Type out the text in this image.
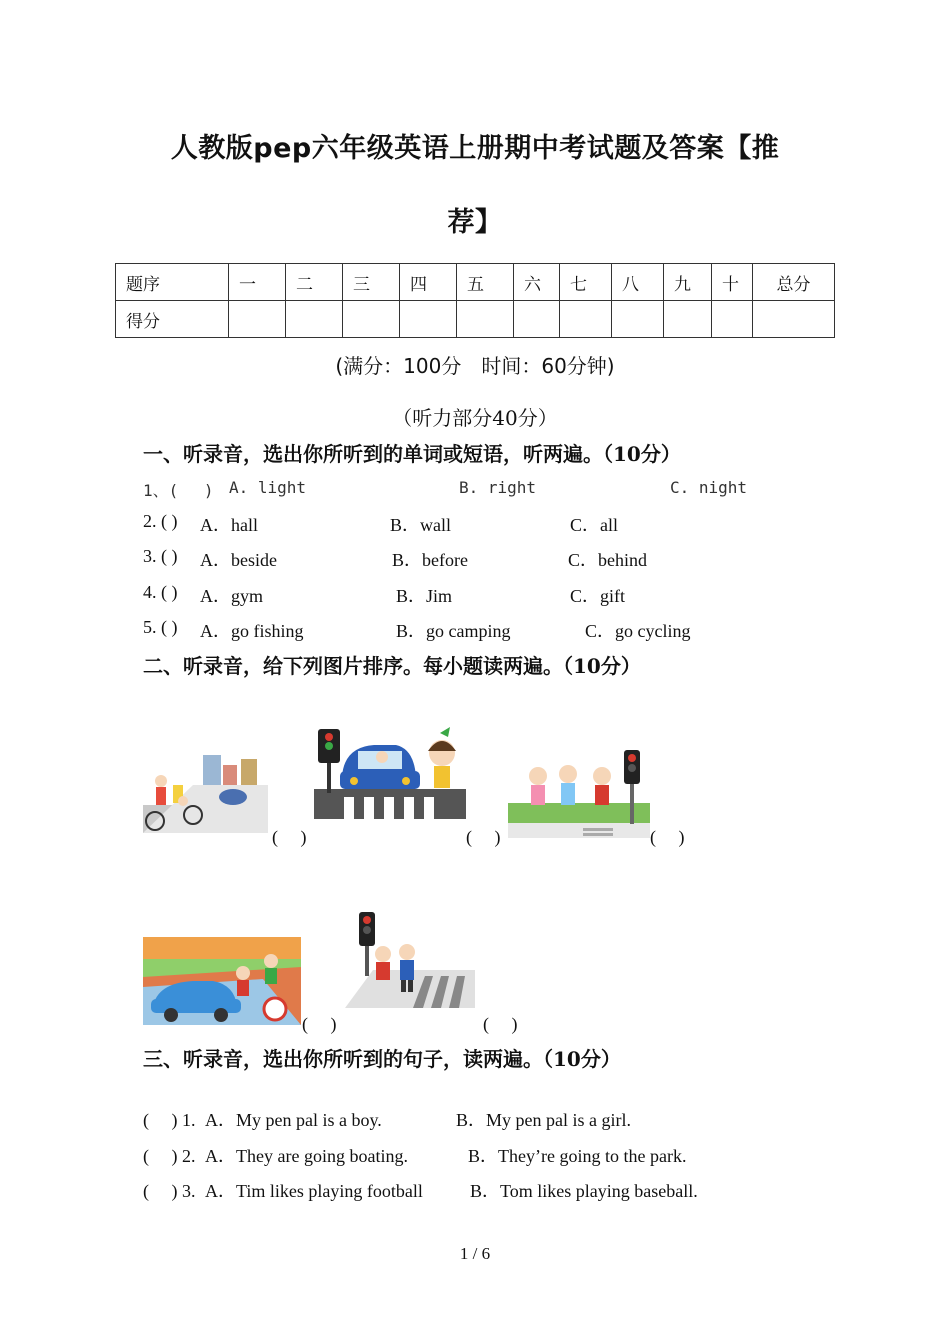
人教版pep六年级英语上册期中考试题及答案【推
荐】
题序	一	二	三	四	五	六	七	八	九	十	总分
得分											
(满分：100分　时间：60分钟)
（听力部分40分）
一、听录音，选出你所听到的单词或短语，听两遍。（10分）
1、(　 ) A. light	B. right	C. night
2. ( ) A．hall	B．wall	C．all
3. ( ) A．beside	B．before	C．behind
4. ( ) A．gym	B．Jim	C．gift
5. ( ) A．go fishing	B．go camping	C．go cycling
二、听录音，给下列图片排序。每小题读两遍。（10分）
(　 )	(　 )	(　 )
(　 )	(　 )
三、听录音，选出你所听到的句子，读两遍。（10分）
(　 ) 1. A．My pen pal is a boy.	B．My pen pal is a girl.
(　 ) 2. A．They are going boating.	B．They’re going to the park.
(　 ) 3. A．Tim likes playing football	B．Tom likes playing baseball.
1 / 6
